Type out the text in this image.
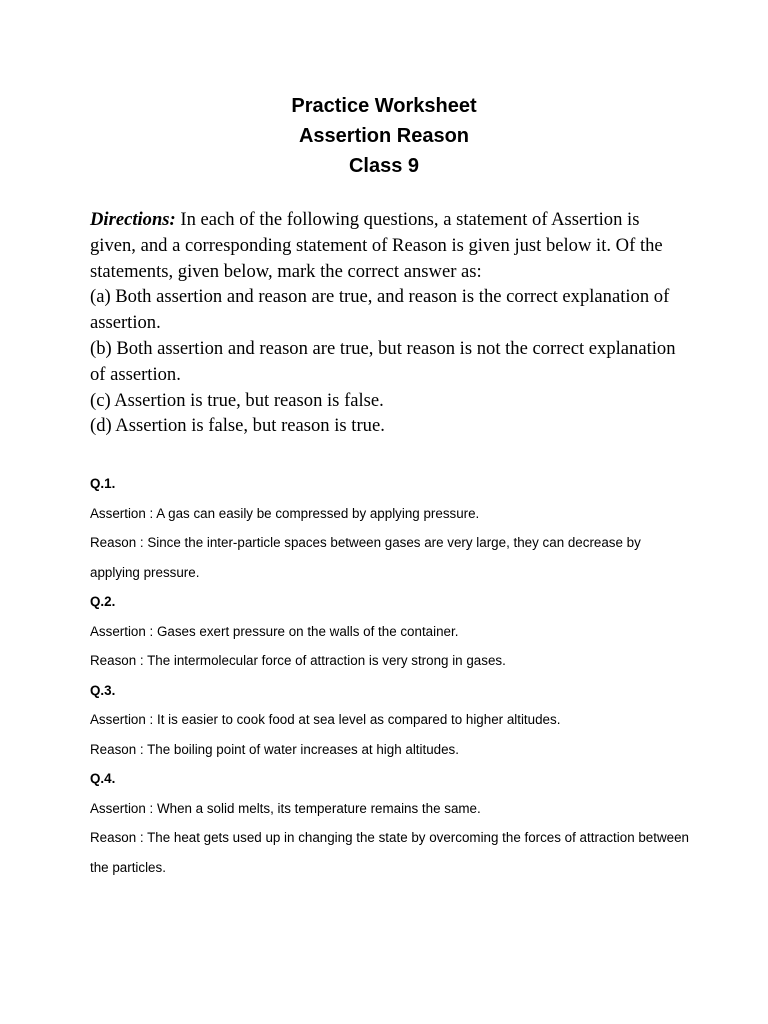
Practice Worksheet
Assertion Reason
Class 9
Directions: In each of the following questions, a statement of Assertion is given, and a corresponding statement of Reason is given just below it. Of the statements, given below, mark the correct answer as:
(a) Both assertion and reason are true, and reason is the correct explanation of assertion.
(b) Both assertion and reason are true, but reason is not the correct explanation of assertion.
(c) Assertion is true, but reason is false.
(d) Assertion is false, but reason is true.
Q.1.
Assertion : A gas can easily be compressed by applying pressure.
Reason : Since the inter-particle spaces between gases are very large, they can decrease by applying pressure.
Q.2.
Assertion : Gases exert pressure on the walls of the container.
Reason : The intermolecular force of attraction is very strong in gases.
Q.3.
Assertion : It is easier to cook food at sea level as compared to higher altitudes.
Reason : The boiling point of water increases at high altitudes.
Q.4.
Assertion : When a solid melts, its temperature remains the same.
Reason : The heat gets used up in changing the state by overcoming the forces of attraction between the particles.
